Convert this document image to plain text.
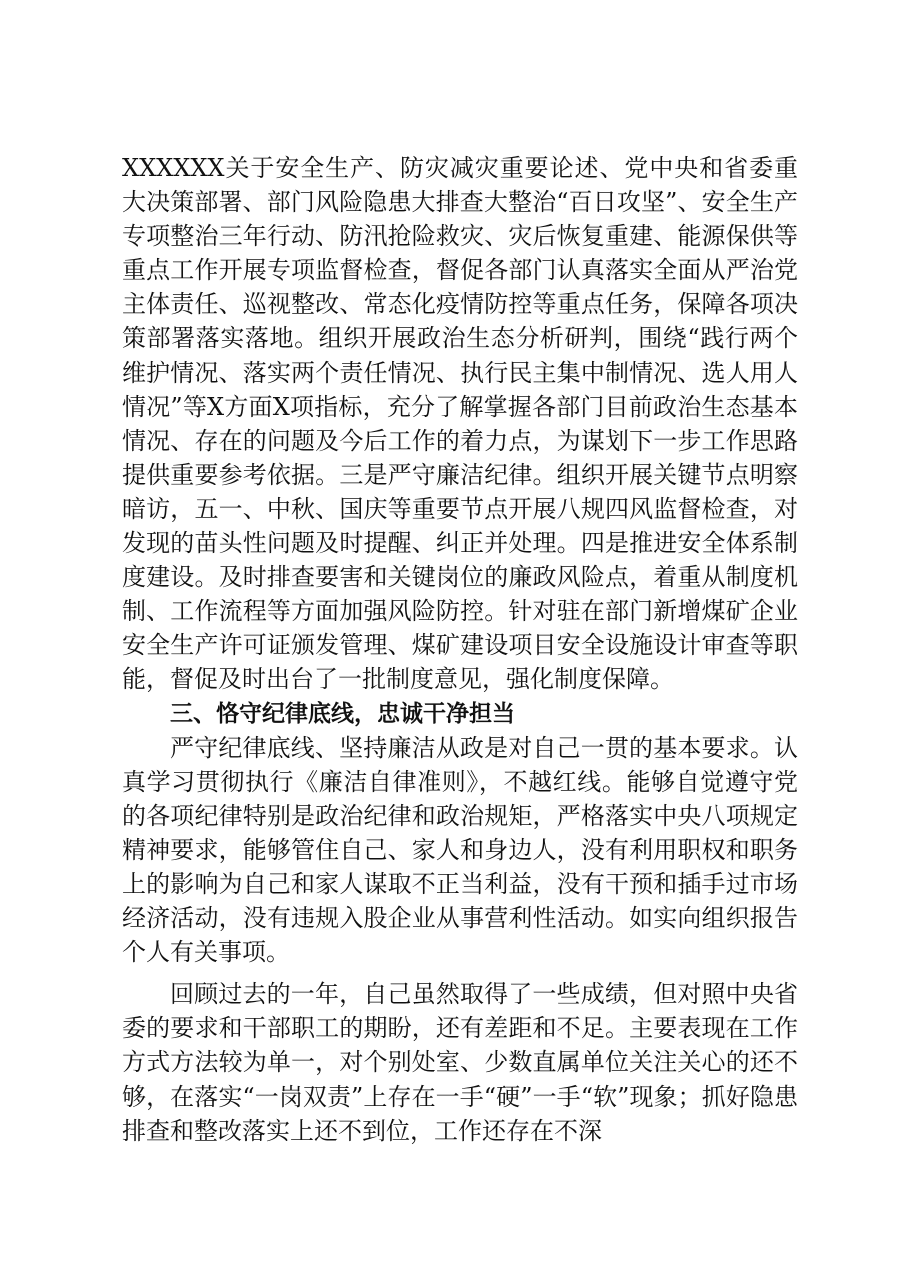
XXXXXX关于安全生产、防灾减灾重要论述、党中央和省委重大决策部署、部门风险隐患大排查大整治“百日攻坚”、安全生产专项整治三年行动、防汛抢险救灾、灾后恢复重建、能源保供等重点工作开展专项监督检查，督促各部门认真落实全面从严治党主体责任、巡视整改、常态化疫情防控等重点任务，保障各项决策部署落实落地。组织开展政治生态分析研判，围绕“践行两个维护情况、落实两个责任情况、执行民主集中制情况、选人用人情况”等X方面X项指标，充分了解掌握各部门目前政治生态基本情况、存在的问题及今后工作的着力点，为谋划下一步工作思路提供重要参考依据。三是严守廉洁纪律。组织开展关键节点明察暗访，五一、中秋、国庆等重要节点开展八规四风监督检查，对发现的苗头性问题及时提醒、纠正并处理。四是推进安全体系制度建设。及时排查要害和关键岗位的廉政风险点，着重从制度机制、工作流程等方面加强风险防控。针对驻在部门新增煤矿企业安全生产许可证颁发管理、煤矿建设项目安全设施设计审查等职能，督促及时出台了一批制度意见，强化制度保障。

三、恪守纪律底线，忠诚干净担当

严守纪律底线、坚持廉洁从政是对自己一贯的基本要求。认真学习贯彻执行《廉洁自律准则》，不越红线。能够自觉遵守党的各项纪律特别是政治纪律和政治规矩，严格落实中央八项规定精神要求，能够管住自己、家人和身边人，没有利用职权和职务上的影响为自己和家人谋取不正当利益，没有干预和插手过市场经济活动，没有违规入股企业从事营利性活动。如实向组织报告个人有关事项。

回顾过去的一年，自己虽然取得了一些成绩，但对照中央省委的要求和干部职工的期盼，还有差距和不足。主要表现在工作方式方法较为单一，对个别处室、少数直属单位关注关心的还不够，在落实“一岗双责”上存在一手“硬”一手“软”现象；抓好隐患排查和整改落实上还不到位，工作还存在不深
